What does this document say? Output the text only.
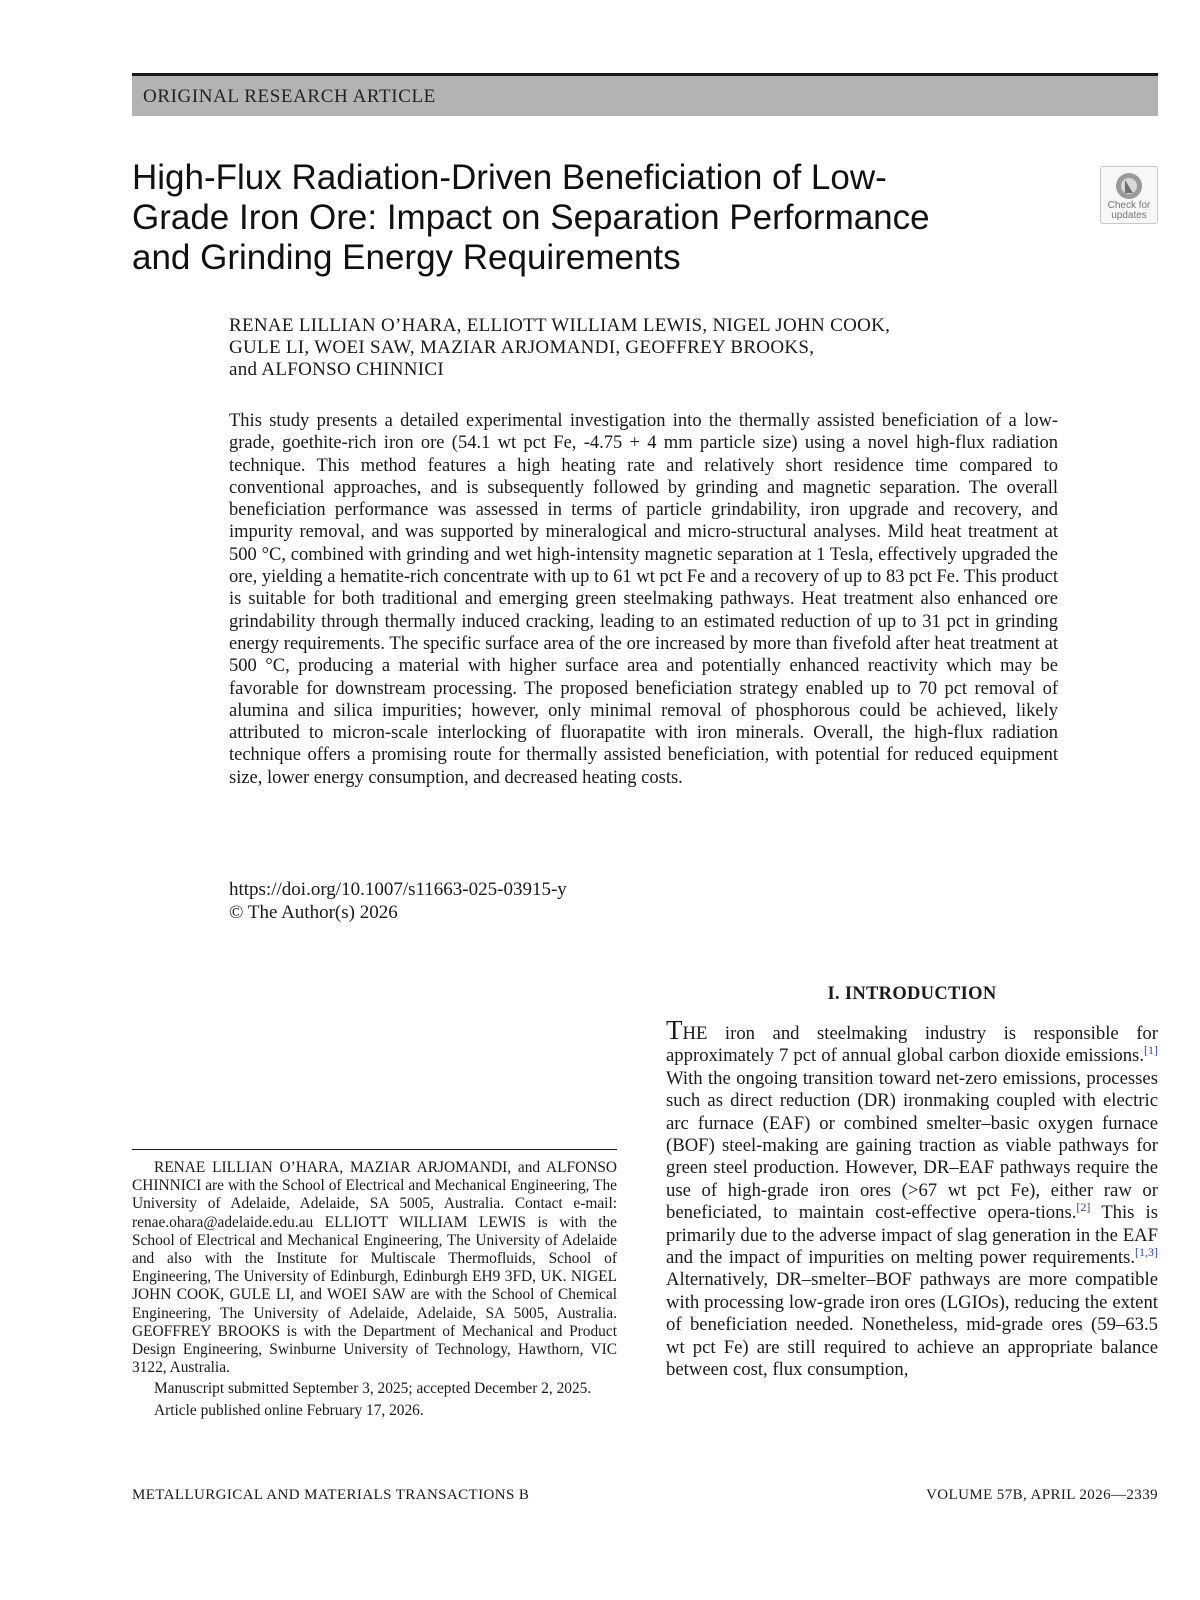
ORIGINAL RESEARCH ARTICLE
High-Flux Radiation-Driven Beneficiation of Low-
Grade Iron Ore: Impact on Separation Performance
and Grinding Energy Requirements
Check for
updates
RENAE LILLIAN O’HARA, ELLIOTT WILLIAM LEWIS, NIGEL JOHN COOK,
GULE LI, WOEI SAW, MAZIAR ARJOMANDI, GEOFFREY BROOKS,
and ALFONSO CHINNICI

This study presents a detailed experimental investigation into the thermally assisted beneficiation of a low-grade, goethite-rich iron ore (54.1 wt pct Fe, -4.75 + 4 mm particle size) using a novel high-flux radiation technique. This method features a high heating rate and relatively short residence time compared to conventional approaches, and is subsequently followed by grinding and magnetic separation. The overall beneficiation performance was assessed in terms of particle grindability, iron upgrade and recovery, and impurity removal, and was supported by mineralogical and micro-structural analyses. Mild heat treatment at 500 °C, combined with grinding and wet high-intensity magnetic separation at 1 Tesla, effectively upgraded the ore, yielding a hematite-rich concentrate with up to 61 wt pct Fe and a recovery of up to 83 pct Fe. This product is suitable for both traditional and emerging green steelmaking pathways. Heat treatment also enhanced ore grindability through thermally induced cracking, leading to an estimated reduction of up to 31 pct in grinding energy requirements. The specific surface area of the ore increased by more than fivefold after heat treatment at 500 °C, producing a material with higher surface area and potentially enhanced reactivity which may be favorable for downstream processing. The proposed beneficiation strategy enabled up to 70 pct removal of alumina and silica impurities; however, only minimal removal of phosphorous could be achieved, likely attributed to micron-scale interlocking of fluorapatite with iron minerals. Overall, the high-flux radiation technique offers a promising route for thermally assisted beneficiation, with potential for reduced equipment size, lower energy consumption, and decreased heating costs.

https://doi.org/10.1007/s11663-025-03915-y
© The Author(s) 2026
I. INTRODUCTION

THE iron and steelmaking industry is responsible for approximately 7 pct of annual global carbon dioxide emissions.[1] With the ongoing transition toward net-zero emissions, processes such as direct reduction (DR) ironmaking coupled with electric arc furnace (EAF) or combined smelter–basic oxygen furnace (BOF) steel-making are gaining traction as viable pathways for green steel production. However, DR–EAF pathways require the use of high-grade iron ores (>67 wt pct Fe), either raw or beneficiated, to maintain cost-effective opera-tions.[2] This is primarily due to the adverse impact of slag generation in the EAF and the impact of impurities on melting power requirements.[1,3] Alternatively, DR–smelter–BOF pathways are more compatible with processing low-grade iron ores (LGIOs), reducing the extent of beneficiation needed. Nonetheless, mid-grade ores (59–63.5 wt pct Fe) are still required to achieve an appropriate balance between cost, flux consumption,

RENAE LILLIAN O’HARA, MAZIAR ARJOMANDI, and ALFONSO CHINNICI are with the School of Electrical and Mechanical Engineering, The University of Adelaide, Adelaide, SA 5005, Australia. Contact e-mail: renae.ohara@adelaide.edu.au ELLIOTT WILLIAM LEWIS is with the School of Electrical and Mechanical Engineering, The University of Adelaide and also with the Institute for Multiscale Thermofluids, School of Engineering, The University of Edinburgh, Edinburgh EH9 3FD, UK. NIGEL JOHN COOK, GULE LI, and WOEI SAW are with the School of Chemical Engineering, The University of Adelaide, Adelaide, SA 5005, Australia. GEOFFREY BROOKS is with the Department of Mechanical and Product Design Engineering, Swinburne University of Technology, Hawthorn, VIC 3122, Australia.

Manuscript submitted September 3, 2025; accepted December 2, 2025.

Article published online February 17, 2026.

METALLURGICAL AND MATERIALS TRANSACTIONS B	VOLUME 57B, APRIL 2026—2339
